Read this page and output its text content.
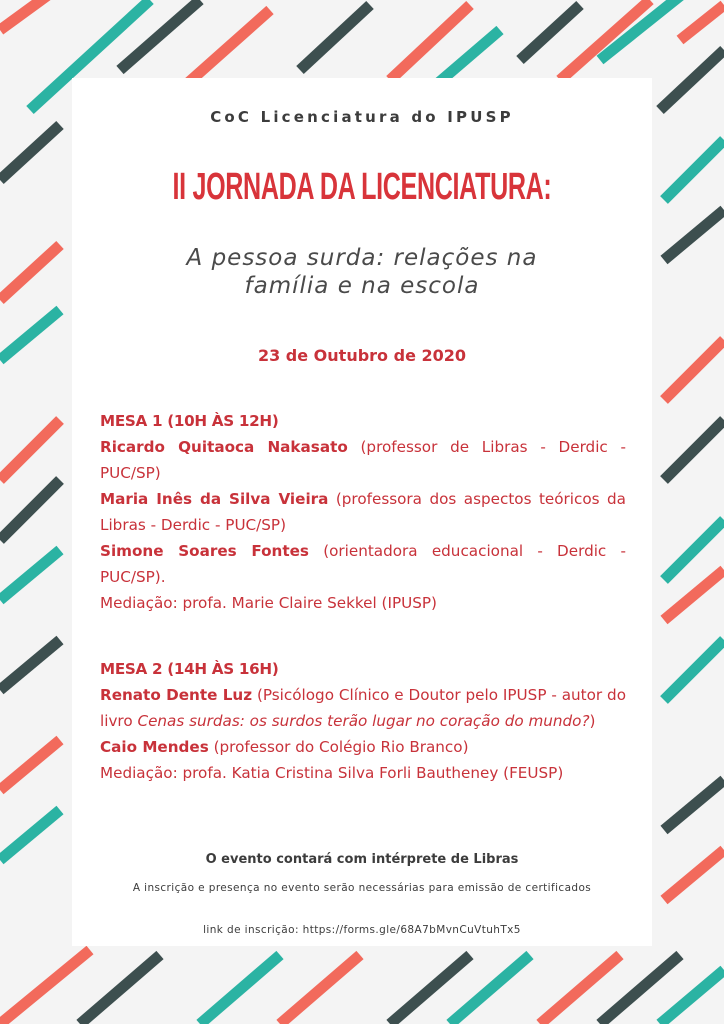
CoC Licenciatura do IPUSP
II JORNADA DA LICENCIATURA:
A pessoa surda: relações na
família e na escola
23 de Outubro de 2020

MESA 1 (10H ÀS 12H)

Ricardo Quitaoca Nakasato (professor de Libras - Derdic - PUC/SP)

Maria Inês da Silva Vieira (professora dos aspectos teóricos da Libras - Derdic - PUC/SP)

Simone Soares Fontes (orientadora educacional - Derdic - PUC/SP).

Mediação: profa. Marie Claire Sekkel (IPUSP)

MESA 2 (14H ÀS 16H)

Renato Dente Luz (Psicólogo Clínico e Doutor pelo IPUSP - autor do livro Cenas surdas: os surdos terão lugar no coração do mundo?)

Caio Mendes (professor do Colégio Rio Branco)

Mediação: profa. Katia Cristina Silva Forli Bautheney (FEUSP)

O evento contará com intérprete de Libras
A inscrição e presença no evento serão necessárias para emissão de certificados
link de inscrição: https://forms.gle/68A7bMvnCuVtuhTx5
